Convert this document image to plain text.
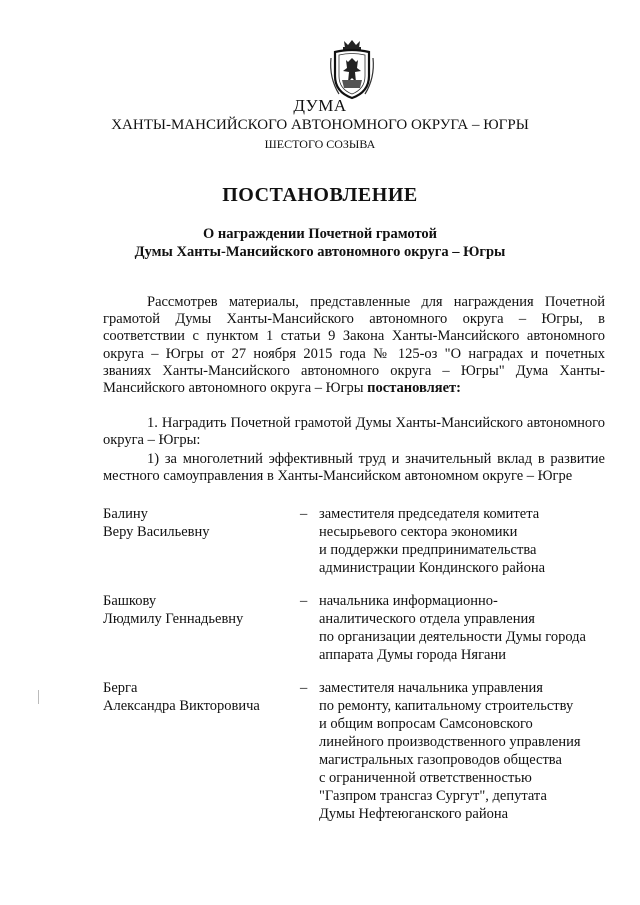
ДУМА
ХАНТЫ-МАНСИЙСКОГО АВТОНОМНОГО ОКРУГА – ЮГРЫ
ШЕСТОГО СОЗЫВА
ПОСТАНОВЛЕНИЕ
О награждении Почетной грамотой
Думы Ханты-Мансийского автономного округа – Югры
Рассмотрев материалы, представленные для награждения Почетной грамотой Думы Ханты-Мансийского автономного округа – Югры, в соответствии с пунктом 1 статьи 9 Закона Ханты-Мансийского автономного округа – Югры от 27 ноября 2015 года № 125-оз "О наградах и почетных званиях Ханты-Мансийского автономного округа – Югры" Дума Ханты-Мансийского автономного округа – Югры постановляет:
1. Наградить Почетной грамотой Думы Ханты-Мансийского автономного округа – Югры:
1) за многолетний эффективный труд и значительный вклад в развитие местного самоуправления в Ханты-Мансийском автономном округе – Югре
Балину
Веру Васильевну
– заместителя председателя комитета
несырьевого сектора экономики
и поддержки предпринимательства
администрации Кондинского района
Башкову
Людмилу Геннадьевну
– начальника информационно-
аналитического отдела управления
по организации деятельности Думы города
аппарата Думы города Нягани
Берга
Александра Викторовича
– заместителя начальника управления
по ремонту, капитальному строительству
и общим вопросам Самсоновского
линейного производственного управления
магистральных газопроводов общества
с ограниченной ответственностью
"Газпром трансгаз Сургут", депутата
Думы Нефтеюганского района
